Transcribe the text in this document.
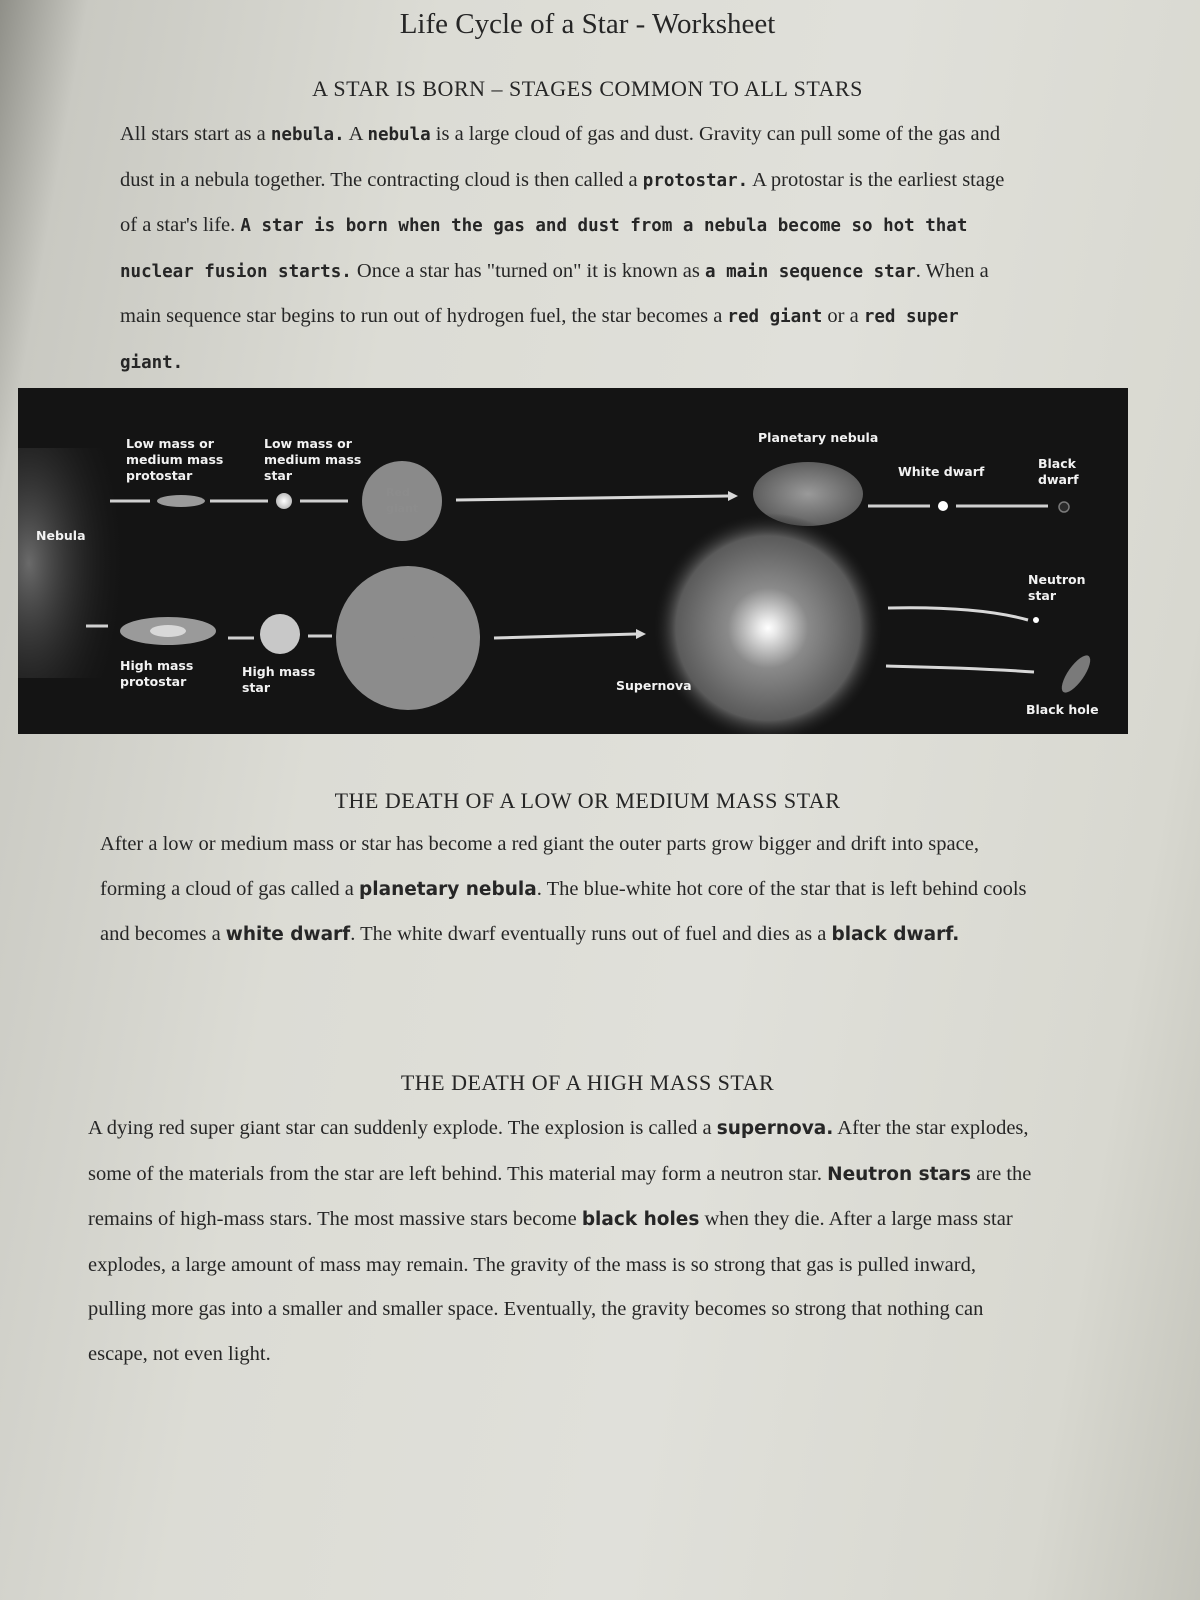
Life Cycle of a Star - Worksheet
A STAR IS BORN – STAGES COMMON TO ALL STARS

All stars start as a nebula. A nebula is a large cloud of gas and dust. Gravity can pull some of the gas and dust in a nebula together. The contracting cloud is then called a protostar. A protostar is the earliest stage of a star's life. A star is born when the gas and dust from a nebula become so hot that nuclear fusion starts. Once a star has "turned on" it is known as a main sequence star. When a main sequence star begins to run out of hydrogen fuel, the star becomes a red giant or a red super giant.

Nebula
Low mass or
medium mass
protostar
Low mass or
medium mass
star
Red
giant
Planetary nebula
White dwarf
Black
dwarf
High mass
protostar
High mass
star
Supergiant
Supernova
Neutron
star
Black hole
THE DEATH OF A LOW OR MEDIUM MASS STAR

After a low or medium mass or star has become a red giant the outer parts grow bigger and drift into space, forming a cloud of gas called a planetary nebula. The blue-white hot core of the star that is left behind cools and becomes a white dwarf. The white dwarf eventually runs out of fuel and dies as a black dwarf.

THE DEATH OF A HIGH MASS STAR

A dying red super giant star can suddenly explode. The explosion is called a supernova. After the star explodes, some of the materials from the star are left behind. This material may form a neutron star. Neutron stars are the remains of high-mass stars. The most massive stars become black holes when they die. After a large mass star explodes, a large amount of mass may remain. The gravity of the mass is so strong that gas is pulled inward, pulling more gas into a smaller and smaller space. Eventually, the gravity becomes so strong that nothing can escape, not even light.
